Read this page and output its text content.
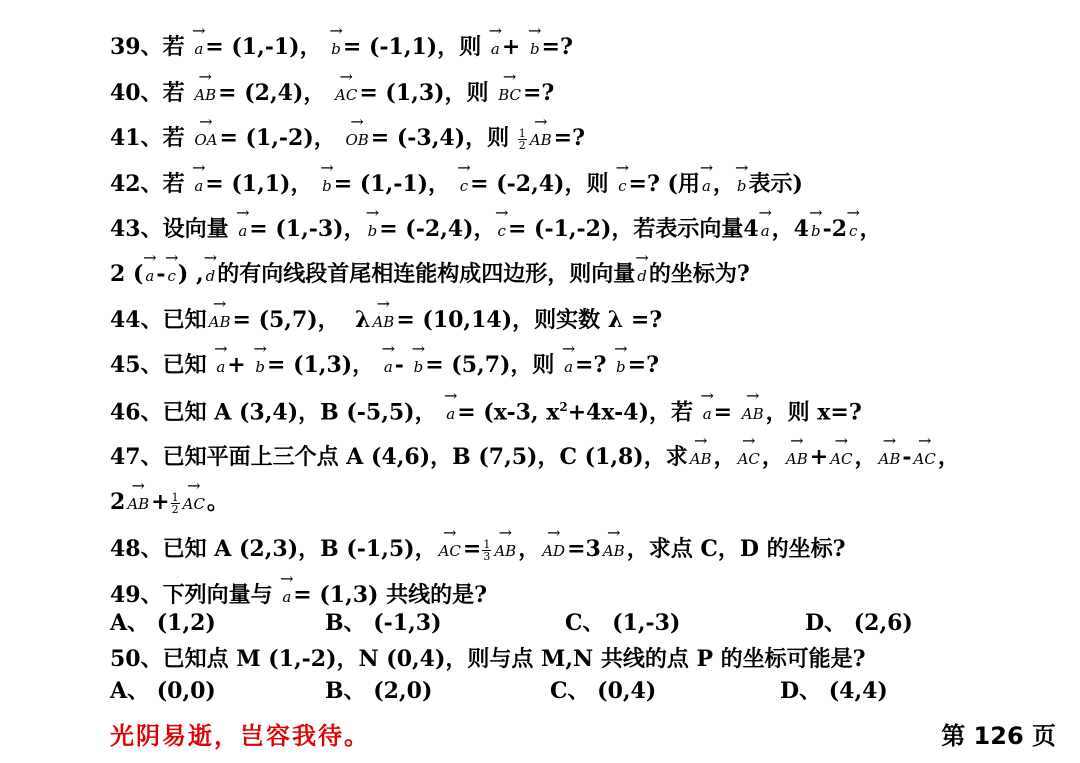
39、若 → a= (1,-1)， → b= (-1,1)，则 → a+ → b=?
40、若 → AB= (2,4)， → AC= (1,3)，则 → BC=?
41、若 → OA= (1,-2)， → OB= (-3,4)，则 $\frac{1}{2}$
→ AB=?
42、若 → a= (1,1)， → b= (1,-1)， → c= (-2,4)，则 → c=? (用→ a，→ b表示)
43、设向量 → a= (1,-3)，→ b= (-2,4)，→ c= (-1,-2)，若表示向量4→ a，4→ b-2→ c，
2 (→ a-→ c) ,→ d的有向线段首尾相连能构成四边形，则向量→ d的坐标为?
44、已知→ AB= (5,7)， λ→ AB= (10,14)，则实数 λ =?
45、已知 → a+ → b= (1,3)， → a- → b= (5,7)，则 → a=? → b=?
46、已知 A (3,4)，B (-5,5)， → a= (x-3, $x^2+4x-4$)，若 → a= → AB，则 x=?
47、已知平面上三个点 A (4,6)，B (7,5)，C (1,8)，求→ AB，→ AC，→ AB+→ AC，→ AB-→ AC，
$2\to AB+ \frac{1}{2}$
→ AC。
48、已知 A (2,3)，B (-1,5)，→ $AC= \frac{1}{3}$
→ AB，→ AD=3→ AB，求点 C，D 的坐标?
49、下列向量与 → a= (1,3) 共线的是?
A、 (1,2)	B、 (-1,3)	C、 (1,-3)	D、 (2,6)
50、已知点 M (1,-2)，N (0,4)，则与点 M,N 共线的点 P 的坐标可能是?
A、 (0,0)	B、 (2,0)	C、 (0,4)	D、 (4,4)
光阴易逝，岂容我待。	第 126 页
